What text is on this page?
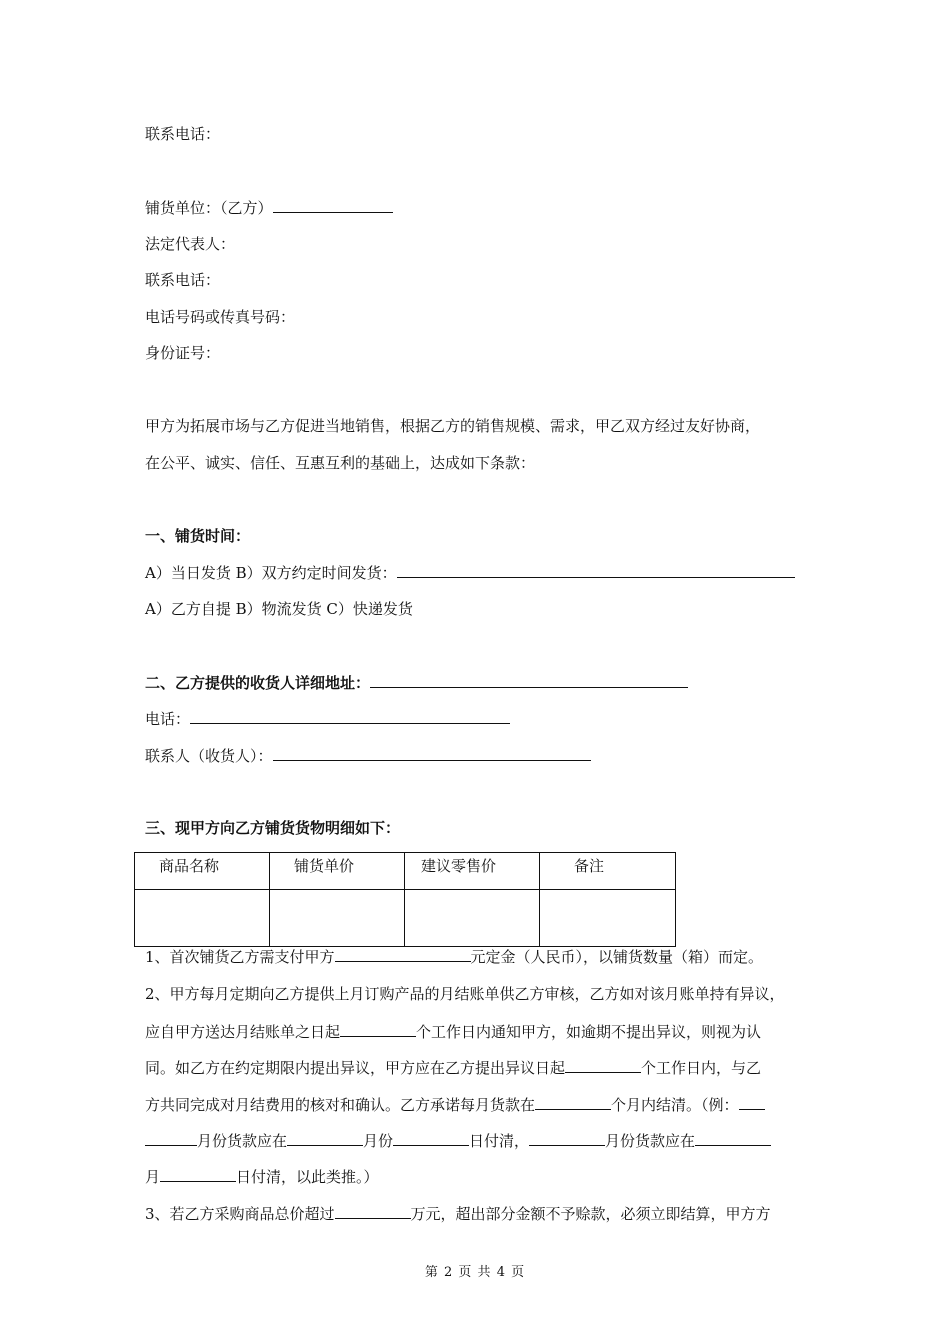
联系电话：
铺货单位：（乙方）
法定代表人：
联系电话：
电话号码或传真号码：
身份证号：
甲方为拓展市场与乙方促进当地销售，根据乙方的销售规模、需求，甲乙双方经过友好协商，
在公平、诚实、信任、互惠互利的基础上，达成如下条款：
一、铺货时间：
A）当日发货 B）双方约定时间发货：
A）乙方自提 B）物流发货 C）快递发货
二、乙方提供的收货人详细地址：
电话：
联系人（收货人）：
三、现甲方向乙方铺货货物明细如下：
商品名称	铺货单价	建议零售价	备注

1、首次铺货乙方需支付甲方	元定金（人民币），以铺货数量（箱）而定。
2、甲方每月定期向乙方提供上月订购产品的月结账单供乙方审核，乙方如对该月账单持有异议，
应自甲方送达月结账单之日起	个工作日内通知甲方，如逾期不提出异议，则视为认
同。如乙方在约定期限内提出异议，甲方应在乙方提出异议日起	个工作日内，与乙
方共同完成对月结费用的核对和确认。乙方承诺每月货款在	个月内结清。（例：
月份货款应在	月份	日付清，	月份货款应在
月	日付清，以此类推。）
3、若乙方采购商品总价超过	万元，超出部分金额不予赊款，必须立即结算，甲方方
第 2 页 共 4 页
